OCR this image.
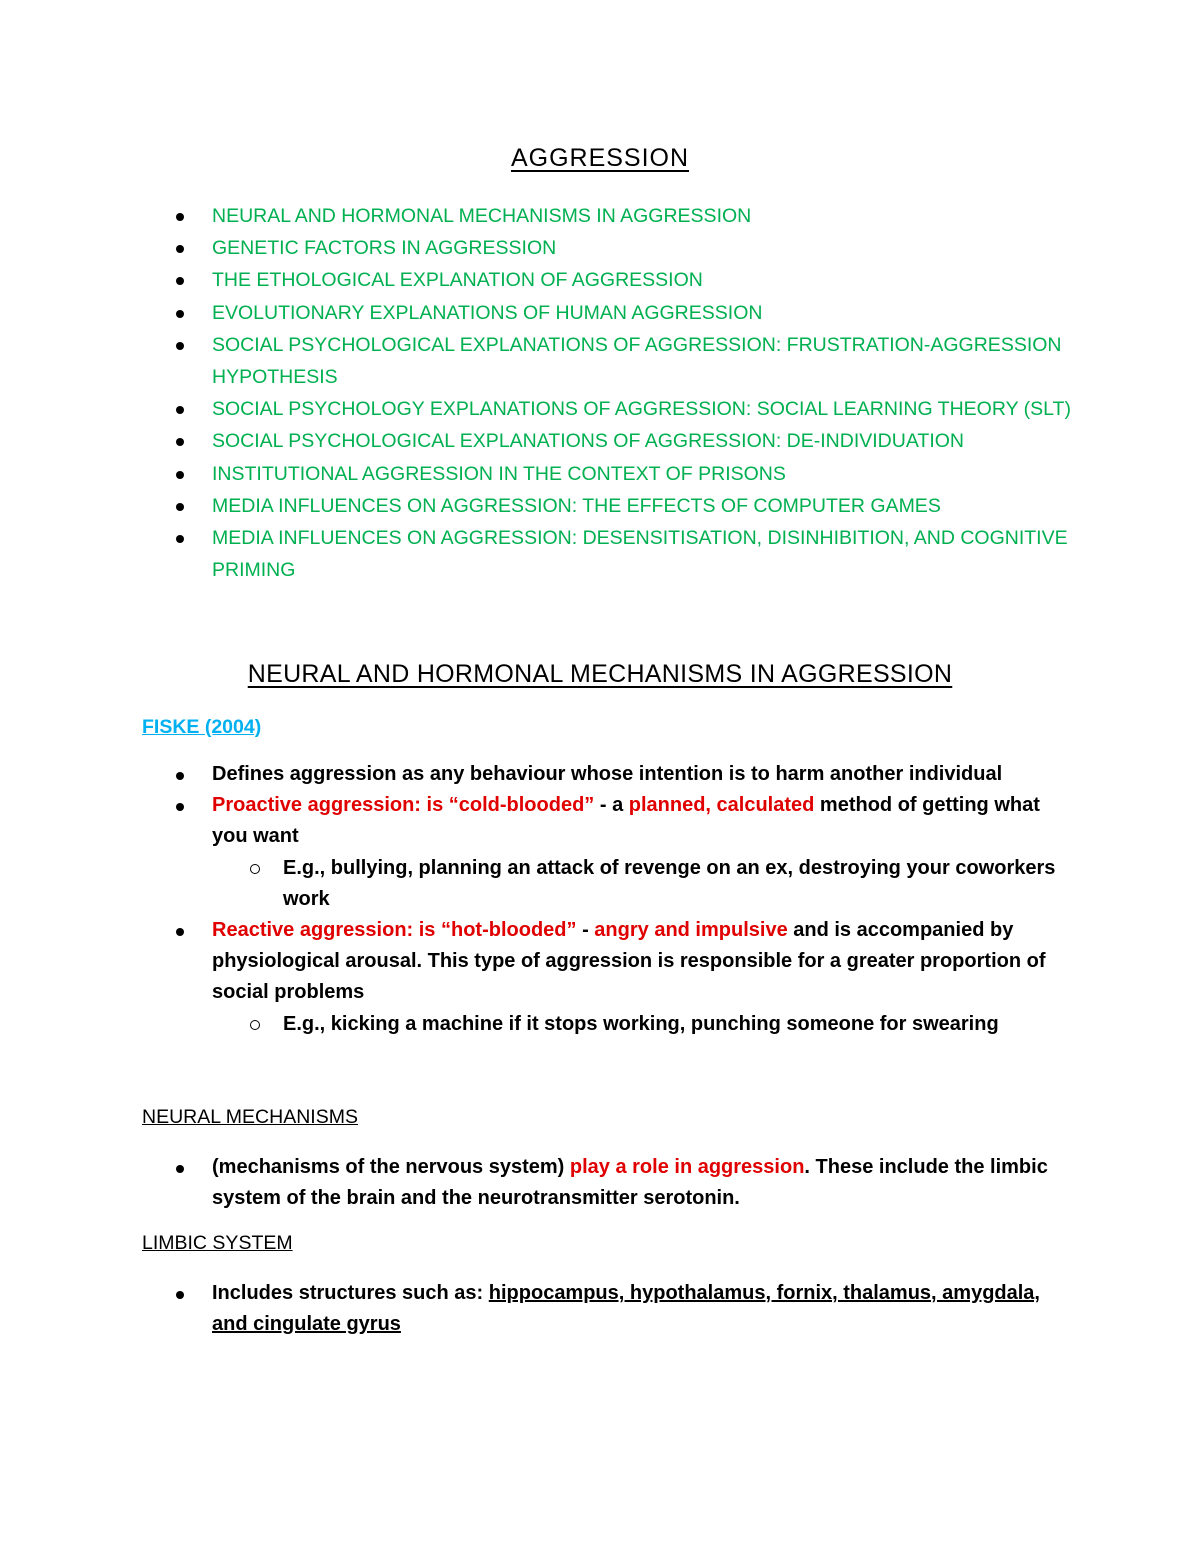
AGGRESSION
NEURAL AND HORMONAL MECHANISMS IN AGGRESSION
GENETIC FACTORS IN AGGRESSION
THE ETHOLOGICAL EXPLANATION OF AGGRESSION
EVOLUTIONARY EXPLANATIONS OF HUMAN AGGRESSION
SOCIAL PSYCHOLOGICAL EXPLANATIONS OF AGGRESSION: FRUSTRATION-AGGRESSION HYPOTHESIS
SOCIAL PSYCHOLOGY EXPLANATIONS OF AGGRESSION: SOCIAL LEARNING THEORY (SLT)
SOCIAL PSYCHOLOGICAL EXPLANATIONS OF AGGRESSION: DE-INDIVIDUATION
INSTITUTIONAL AGGRESSION IN THE CONTEXT OF PRISONS
MEDIA INFLUENCES ON AGGRESSION: THE EFFECTS OF COMPUTER GAMES
MEDIA INFLUENCES ON AGGRESSION: DESENSITISATION, DISINHIBITION, AND COGNITIVE PRIMING
NEURAL AND HORMONAL MECHANISMS IN AGGRESSION

FISKE (2004)

Defines aggression as any behaviour whose intention is to harm another individual
Proactive aggression: is “cold-blooded” - a planned, calculated method of getting what you want
E.g., bullying, planning an attack of revenge on an ex, destroying your coworkers work
Reactive aggression: is “hot-blooded” - angry and impulsive and is accompanied by physiological arousal. This type of aggression is responsible for a greater proportion of social problems
E.g., kicking a machine if it stops working, punching someone for swearing
NEURAL MECHANISMS
(mechanisms of the nervous system) play a role in aggression. These include the limbic system of the brain and the neurotransmitter serotonin.
LIMBIC SYSTEM
Includes structures such as: hippocampus, hypothalamus, fornix, thalamus, amygdala, and cingulate gyrus
